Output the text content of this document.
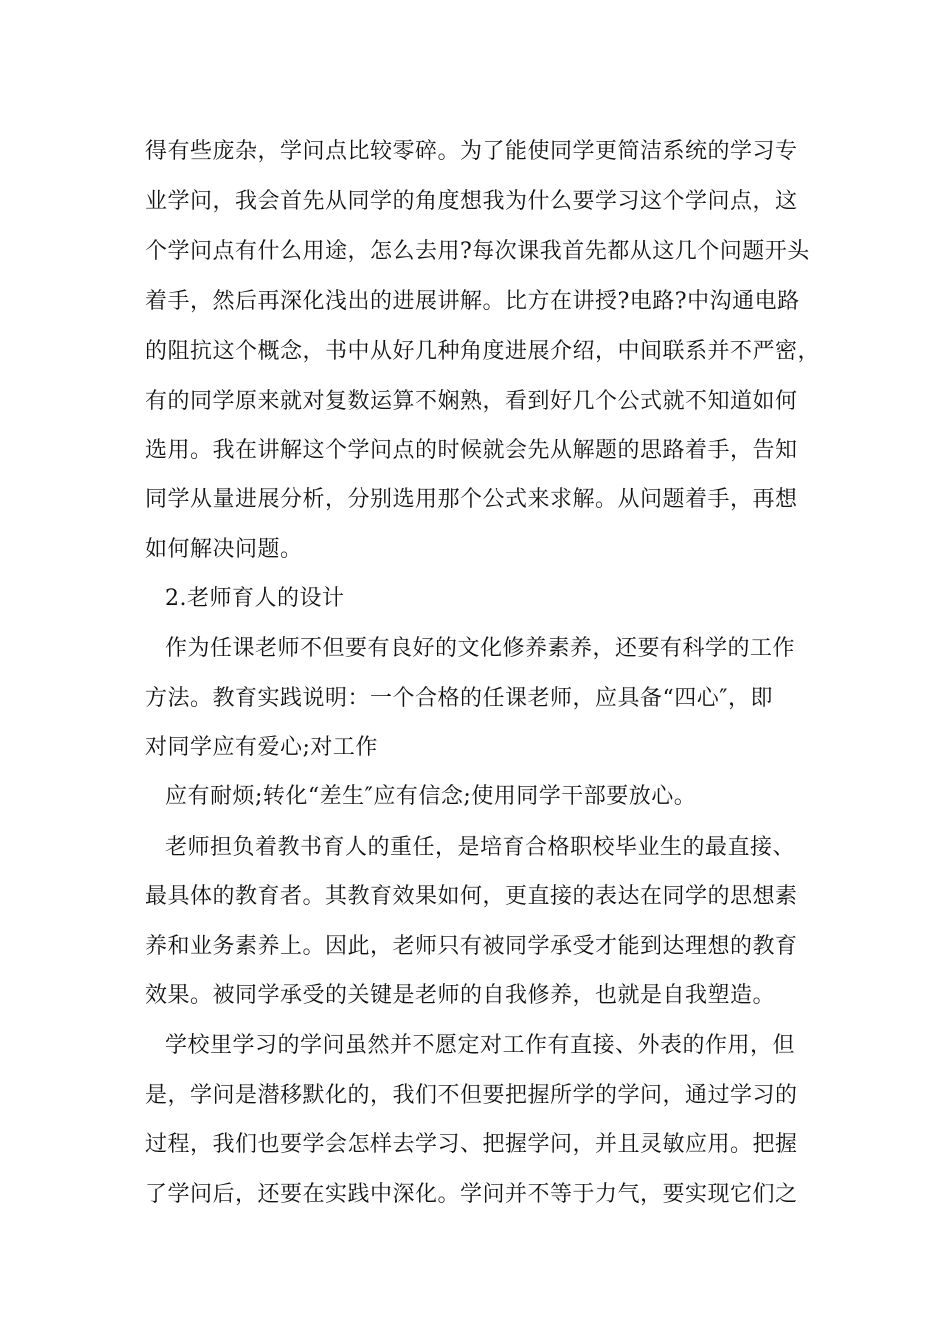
得有些庞杂，学问点比较零碎。为了能使同学更简洁系统的学习专
业学问，我会首先从同学的角度想我为什么要学习这个学问点，这
个学问点有什么用途，怎么去用?每次课我首先都从这几个问题开头
着手，然后再深化浅出的进展讲解。比方在讲授?电路?中沟通电路
的阻抗这个概念，书中从好几种角度进展介绍，中间联系并不严密，
有的同学原来就对复数运算不娴熟，看到好几个公式就不知道如何
选用。我在讲解这个学问点的时候就会先从解题的思路着手，告知
同学从量进展分析，分别选用那个公式来求解。从问题着手，再想
如何解决问题。
2.老师育人的设计
作为任课老师不但要有良好的文化修养素养，还要有科学的工作
方法。教育实践说明：一个合格的任课老师，应具备“四心″，即
对同学应有爱心;对工作
应有耐烦;转化“差生″应有信念;使用同学干部要放心。
老师担负着教书育人的重任，是培育合格职校毕业生的最直接、
最具体的教育者。其教育效果如何，更直接的表达在同学的思想素
养和业务素养上。因此，老师只有被同学承受才能到达理想的教育
效果。被同学承受的关键是老师的自我修养，也就是自我塑造。
学校里学习的学问虽然并不愿定对工作有直接、外表的作用，但
是，学问是潜移默化的，我们不但要把握所学的学问，通过学习的
过程，我们也要学会怎样去学习、把握学问，并且灵敏应用。把握
了学问后，还要在实践中深化。学问并不等于力气，要实现它们之
